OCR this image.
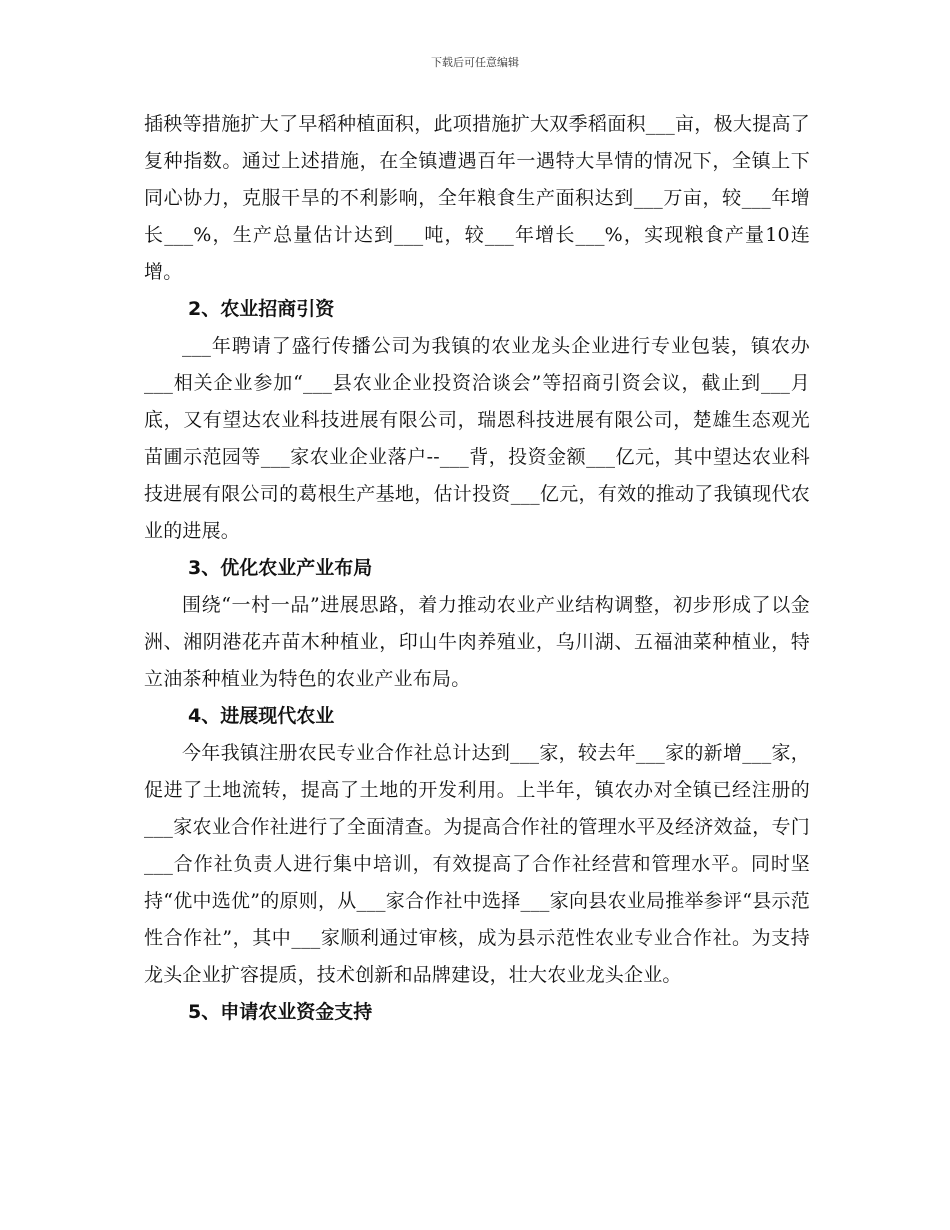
下载后可任意编辑

插秧等措施扩大了早稻种植面积，此项措施扩大双季稻面积___亩，极大提高了复种指数。通过上述措施，在全镇遭遇百年一遇特大旱情的情况下，全镇上下同心协力，克服干旱的不利影响，全年粮食生产面积达到___万亩，较___年增长___%，生产总量估计达到___吨，较___年增长___%，实现粮食产量10连增。

2、农业招商引资

___年聘请了盛行传播公司为我镇的农业龙头企业进行专业包装，镇农办___相关企业参加“___县农业企业投资洽谈会”等招商引资会议，截止到___月底，又有望达农业科技进展有限公司，瑞恩科技进展有限公司，楚雄生态观光苗圃示范园等___家农业企业落户--___背，投资金额___亿元，其中望达农业科技进展有限公司的葛根生产基地，估计投资___亿元，有效的推动了我镇现代农业的进展。

3、优化农业产业布局

围绕“一村一品”进展思路，着力推动农业产业结构调整，初步形成了以金洲、湘阴港花卉苗木种植业，印山牛肉养殖业，乌川湖、五福油菜种植业，特立油茶种植业为特色的农业产业布局。

4、进展现代农业

今年我镇注册农民专业合作社总计达到___家，较去年___家的新增___家，促进了土地流转，提高了土地的开发利用。上半年，镇农办对全镇已经注册的___家农业合作社进行了全面清查。为提高合作社的管理水平及经济效益，专门___合作社负责人进行集中培训，有效提高了合作社经营和管理水平。同时坚持“优中选优”的原则，从___家合作社中选择___家向县农业局推举参评“县示范性合作社”，其中___家顺利通过审核，成为县示范性农业专业合作社。为支持龙头企业扩容提质，技术创新和品牌建设，壮大农业龙头企业。

5、申请农业资金支持
